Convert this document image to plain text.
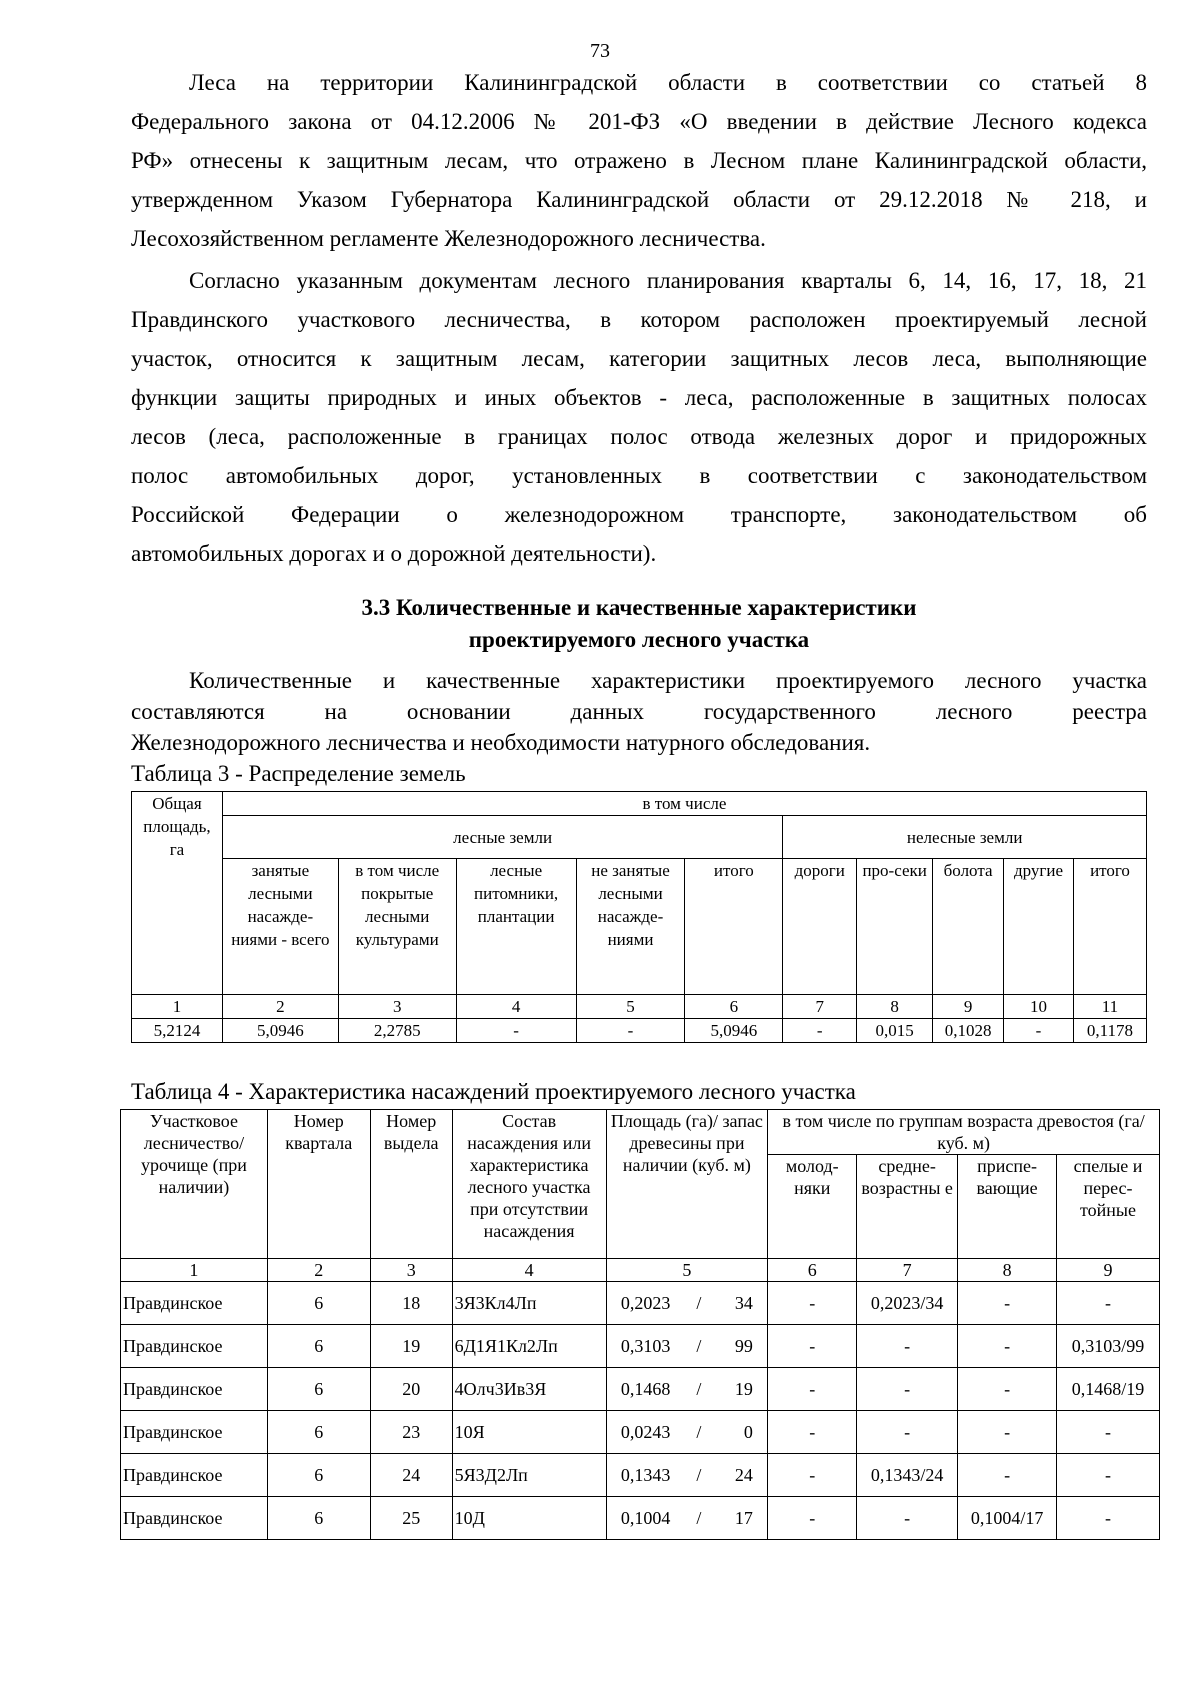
73

Леса на территории Калининградской области в соответствии со статьей 8
Федерального закона от 04.12.2006 № 201-ФЗ «О введении в действие Лесного кодекса
РФ» отнесены к защитным лесам, что отражено в Лесном плане Калининградской области,
утвержденном Указом Губернатора Калининградской области от 29.12.2018 № 218, и
Лесохозяйственном регламенте Железнодорожного лесничества.

Согласно указанным документам лесного планирования кварталы 6, 14, 16, 17, 18, 21
Правдинского участкового лесничества, в котором расположен проектируемый лесной
участок, относится к защитным лесам, категории защитных лесов леса, выполняющие
функции защиты природных и иных объектов - леса, расположенные в защитных полосах
лесов (леса, расположенные в границах полос отвода железных дорог и придорожных
полос автомобильных дорог, установленных в соответствии с законодательством
Российской Федерации о железнодорожном транспорте, законодательством об
автомобильных дорогах и о дорожной деятельности).

3.3 Количественные и качественные характеристики
проектируемого лесного участка

Количественные и качественные характеристики проектируемого лесного участка
составляются на основании данных государственного лесного реестра
Железнодорожного лесничества и необходимости натурного обследования.

Таблица 3 - Распределение земель
Общая площадь, га	в том числе									
	лесные земли					нелесные земли				
	занятые лесными насажде-ниями - всего	в том числе покрытые лесными культурами	лесные питомники, плантации	не занятые лесными насажде-ниями	итого	дороги	про-секи	болота	другие	итого
1	2	3	4	5	6	7	8	9	10	11
5,2124	5,0946	2,2785	-	-	5,0946	-	0,015	0,1028	-	0,1178
Таблица 4 - Характеристика насаждений проектируемого лесного участка
Участковое лесничество/ урочище (при наличии)	Номер квартала	Номер выдела	Состав насаждения или характеристика лесного участка при отсутствии насаждения	Площадь (га)/ запас древесины при наличии (куб. м)	в том числе по группам возраста древостоя (га/куб. м)			
					молод-няки	средне-возрастны е	приспе-вающие	спелые и перес-тойные
1	2	3	4	5	6	7	8	9
Правдинское	6	18	3Я3Кл4Лп	0,2023 / 34	-	0,2023/34	-	-
Правдинское	6	19	6Д1Я1Кл2Лп	0,3103 / 99	-	-	-	0,3103/99
Правдинское	6	20	4Олч3Ив3Я	0,1468 / 19	-	-	-	0,1468/19
Правдинское	6	23	10Я	0,0243 / 0	-	-	-	-
Правдинское	6	24	5Я3Д2Лп	0,1343 / 24	-	0,1343/24	-	-
Правдинское	6	25	10Д	0,1004 / 17	-	-	0,1004/17	-
